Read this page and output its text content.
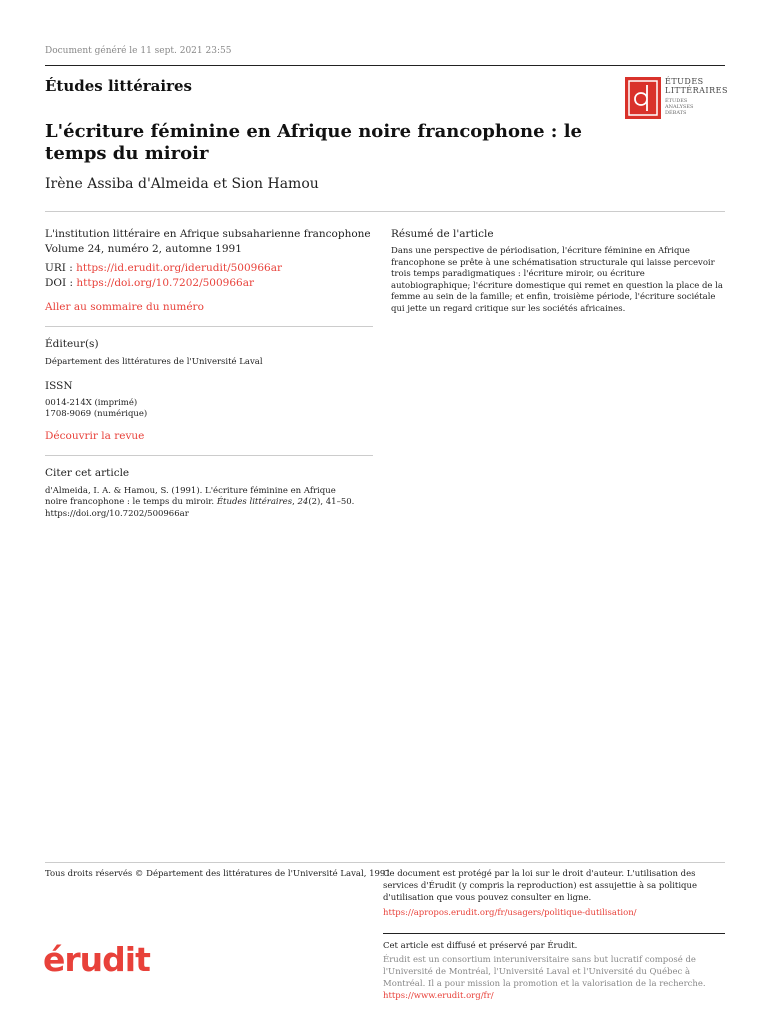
Document généré le 11 sept. 2021 23:55
Études littéraires	ÉTUDES
LITTÉRAIRES
ÉTUDES ANALYSES DÉBATS
L'écriture féminine en Afrique noire francophone : le temps du miroir
Irène Assiba d'Almeida et Sion Hamou
L'institution littéraire en Afrique subsaharienne francophone
Volume 24, numéro 2, automne 1991
URI : https://id.erudit.org/iderudit/500966ar
DOI : https://doi.org/10.7202/500966ar
Aller au sommaire du numéro
Éditeur(s)
Département des littératures de l'Université Laval
ISSN
0014-214X (imprimé)
1708-9069 (numérique)
Découvrir la revue
Citer cet article
d'Almeida, I. A. & Hamou, S. (1991). L'écriture féminine en Afrique noire francophone : le temps du miroir. Études littéraires, 24(2), 41–50.
https://doi.org/10.7202/500966ar
Résumé de l'article
Dans une perspective de périodisation, l'écriture féminine en Afrique francophone se prête à une schématisation structurale qui laisse percevoir trois temps paradigmatiques : l'écriture miroir, ou écriture autobiographique; l'écriture domestique qui remet en question la place de la femme au sein de la famille; et enfin, troisième période, l'écriture sociétale qui jette un regard critique sur les sociétés africaines.
Tous droits réservés © Département des littératures de l'Université Laval, 1991
Ce document est protégé par la loi sur le droit d'auteur. L'utilisation des services d'Érudit (y compris la reproduction) est assujettie à sa politique d'utilisation que vous pouvez consulter en ligne.
https://apropos.erudit.org/fr/usagers/politique-dutilisation/
Cet article est diffusé et préservé par Érudit.
Érudit est un consortium interuniversitaire sans but lucratif composé de l'Université de Montréal, l'Université Laval et l'Université du Québec à Montréal. Il a pour mission la promotion et la valorisation de la recherche.
https://www.erudit.org/fr/
érudit
